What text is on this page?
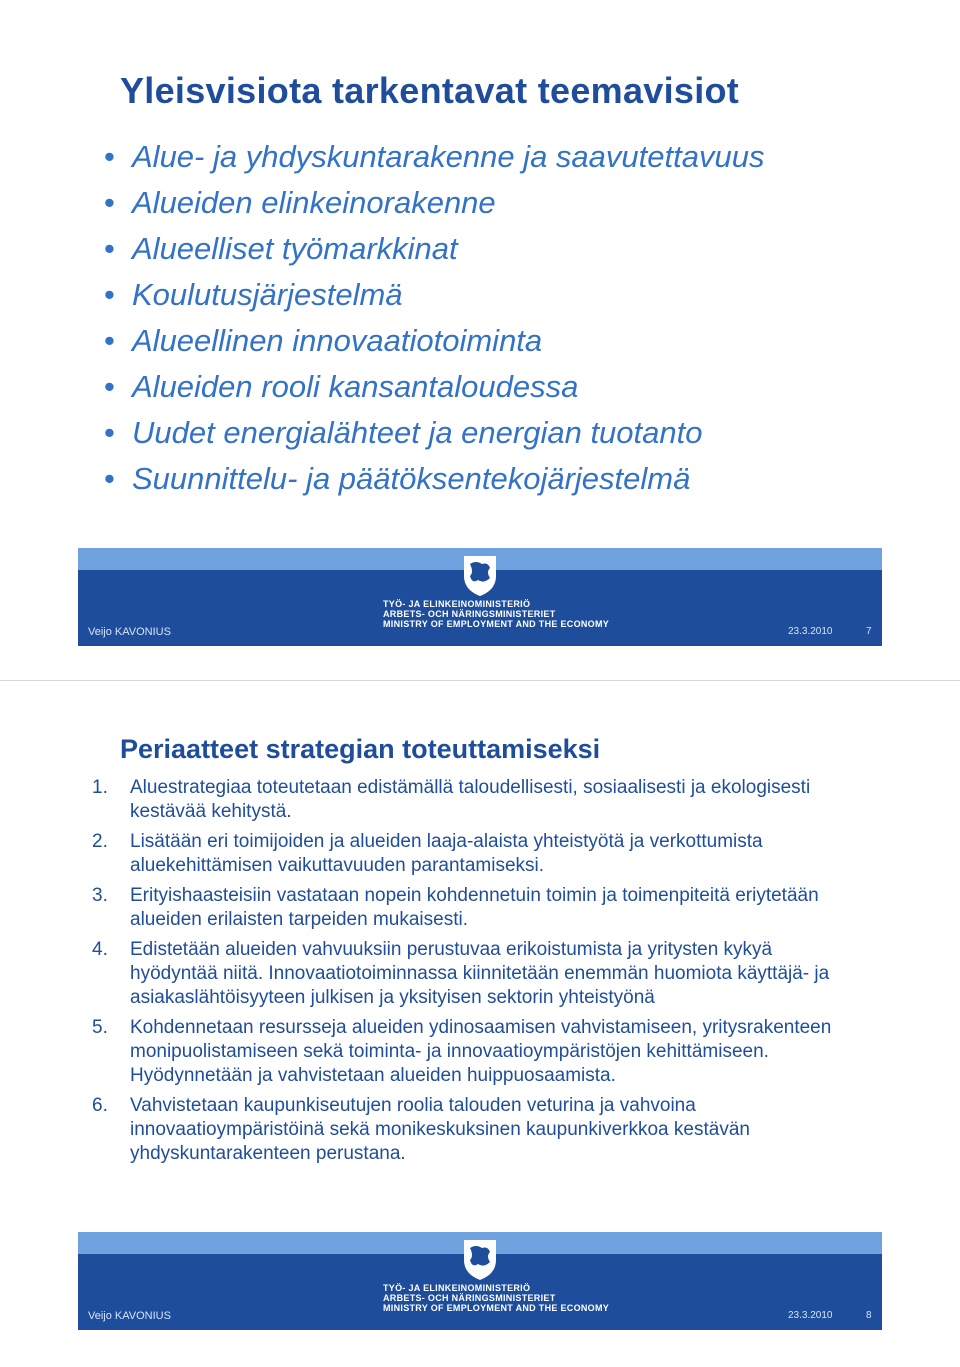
Yleisvisiota tarkentavat teemavisiot
• Alue- ja yhdyskuntarakenne ja saavutettavuus
• Alueiden elinkeinorakenne
• Alueelliset työmarkkinat
• Koulutusjärjestelmä
• Alueellinen innovaatiotoiminta
• Alueiden rooli kansantaloudessa
• Uudet energialähteet ja energian tuotanto
• Suunnittelu- ja päätöksentekojärjestelmä
TYÖ- JA ELINKEINOMINISTERIÖ
ARBETS- OCH NÄRINGSMINISTERIET
MINISTRY OF EMPLOYMENT AND THE ECONOMY
Veijo KAVONIUS	23.3.2010	7
Periaatteet strategian toteuttamiseksi
1.	Aluestrategiaa toteutetaan edistämällä taloudellisesti, sosiaalisesti ja ekologisesti kestävää kehitystä.
2.	Lisätään eri toimijoiden ja alueiden laaja-alaista yhteistyötä ja verkottumista aluekehittämisen vaikuttavuuden parantamiseksi.
3.	Erityishaasteisiin vastataan nopein kohdennetuin toimin ja toimenpiteitä eriytetään alueiden erilaisten tarpeiden mukaisesti.
4.	Edistetään alueiden vahvuuksiin perustuvaa erikoistumista ja yritysten kykyä hyödyntää niitä. Innovaatiotoiminnassa kiinnitetään enemmän huomiota käyttäjä- ja asiakaslähtöisyyteen julkisen ja yksityisen sektorin yhteistyönä
5.	Kohdennetaan resursseja alueiden ydinosaamisen vahvistamiseen, yritysrakenteen monipuolistamiseen sekä toiminta- ja innovaatioympäristöjen kehittämiseen. Hyödynnetään ja vahvistetaan alueiden huippuosaamista.
6.	Vahvistetaan kaupunkiseutujen roolia talouden veturina ja vahvoina innovaatioympäristöinä sekä monikeskuksinen kaupunkiverkkoa kestävän yhdyskuntarakenteen perustana.
TYÖ- JA ELINKEINOMINISTERIÖ
ARBETS- OCH NÄRINGSMINISTERIET
MINISTRY OF EMPLOYMENT AND THE ECONOMY
Veijo KAVONIUS	23.3.2010	8
